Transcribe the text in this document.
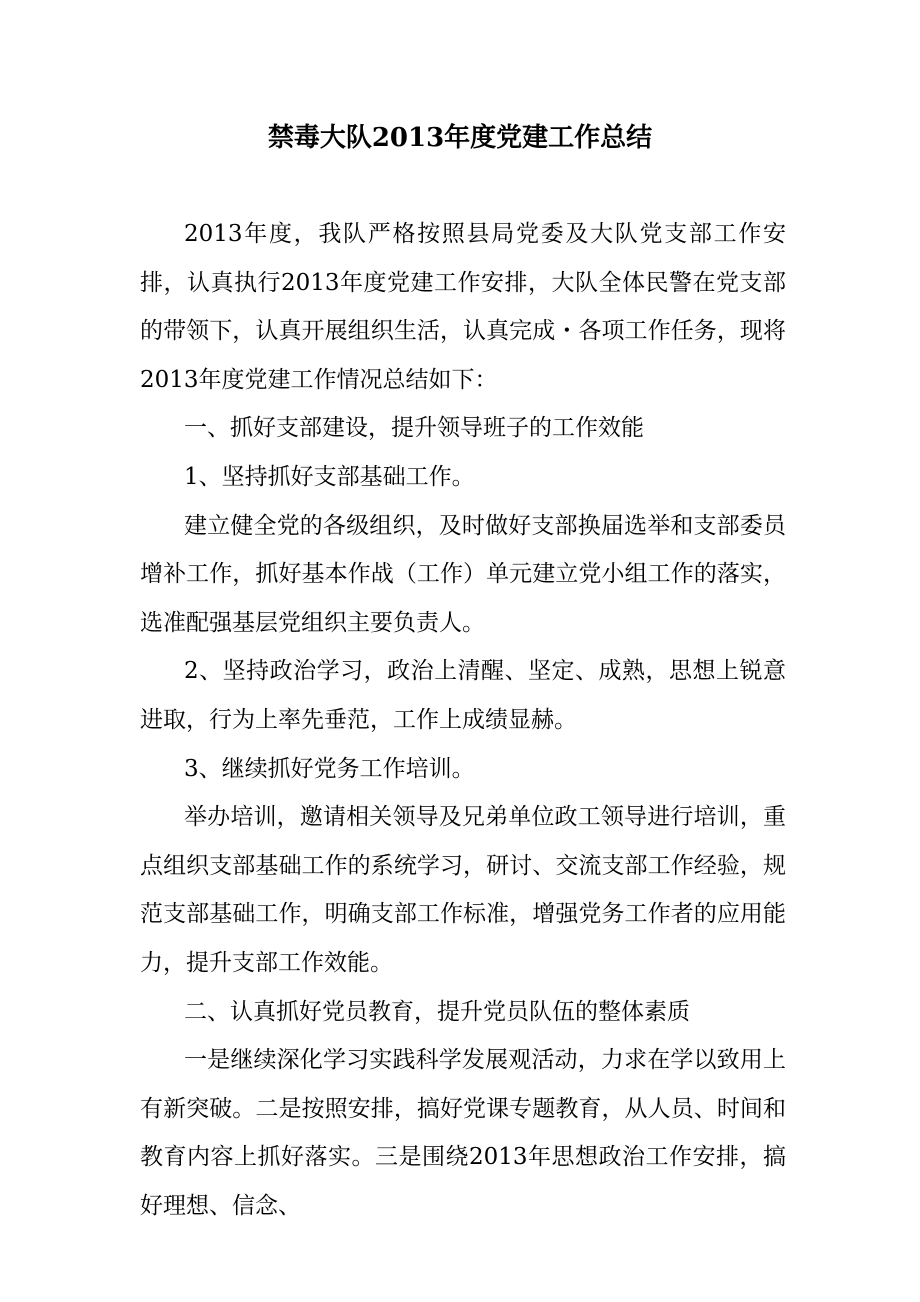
禁毒大队2013年度党建工作总结

2013年度，我队严格按照县局党委及大队党支部工作安排，认真执行2013年度党建工作安排，大队全体民警在党支部的带领下，认真开展组织生活，认真完成・各项工作任务，现将2013年度党建工作情况总结如下：

一、抓好支部建设，提升领导班子的工作效能

1、坚持抓好支部基础工作。

建立健全党的各级组织，及时做好支部换届选举和支部委员增补工作，抓好基本作战（工作）单元建立党小组工作的落实，选准配强基层党组织主要负责人。

2、坚持政治学习，政治上清醒、坚定、成熟，思想上锐意进取，行为上率先垂范，工作上成绩显赫。

3、继续抓好党务工作培训。

举办培训，邀请相关领导及兄弟单位政工领导进行培训，重点组织支部基础工作的系统学习，研讨、交流支部工作经验，规范支部基础工作，明确支部工作标准，增强党务工作者的应用能力，提升支部工作效能。

二、认真抓好党员教育，提升党员队伍的整体素质

一是继续深化学习实践科学发展观活动，力求在学以致用上有新突破。二是按照安排，搞好党课专题教育，从人员、时间和教育内容上抓好落实。三是围绕2013年思想政治工作安排，搞好理想、信念、
